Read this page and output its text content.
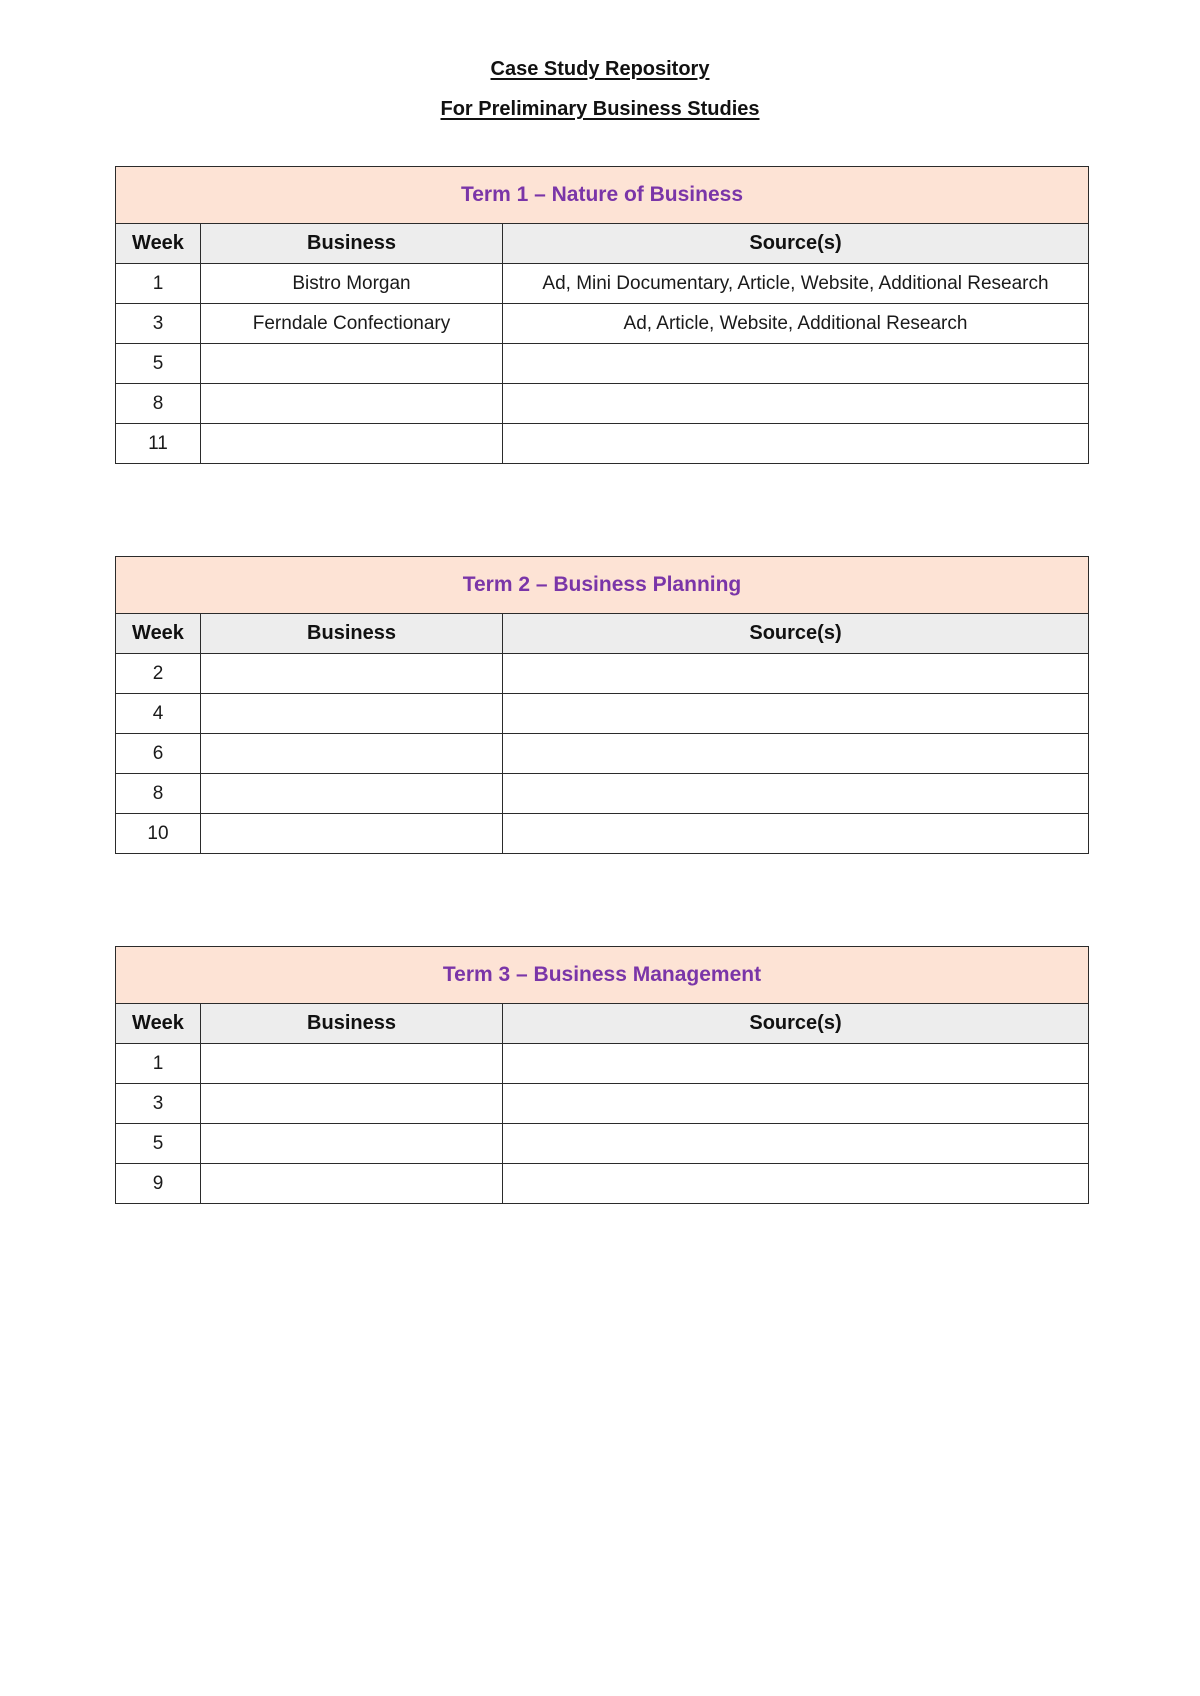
Case Study Repository
For Preliminary Business Studies
Term 1 – Nature of Business		
Week	Business	Source(s)
1	Bistro Morgan	Ad, Mini Documentary, Article, Website, Additional Research
3	Ferndale Confectionary	Ad, Article, Website, Additional Research
5		
8		
11		
Term 2 – Business Planning		
Week	Business	Source(s)
2		
4		
6		
8		
10		
Term 3 – Business Management		
Week	Business	Source(s)
1		
3		
5		
9		
